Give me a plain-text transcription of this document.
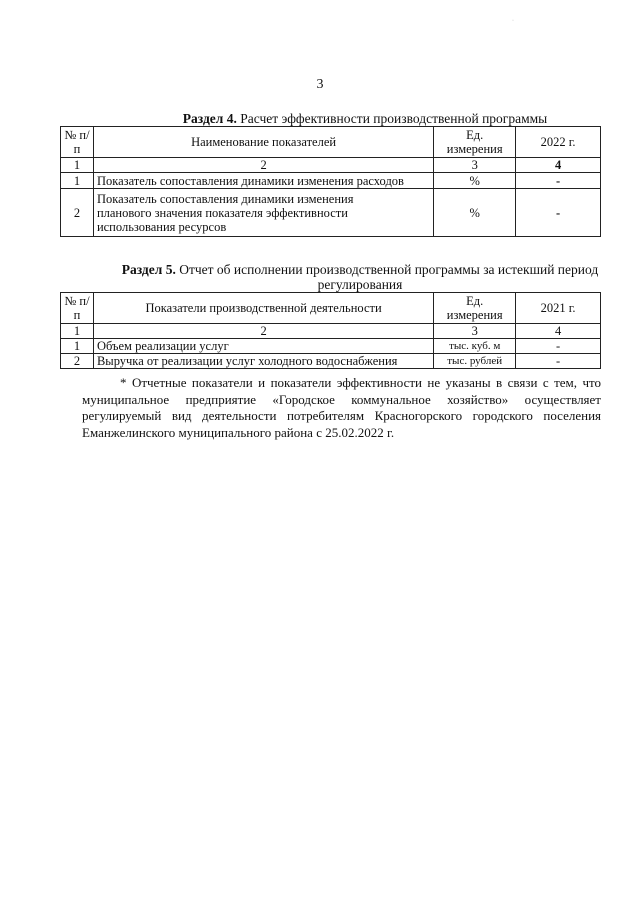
·
3
Раздел 4. Расчет эффективности производственной программы
№ п/п	Наименование показателей	Ед. измерения	2022 г.
1	2	3	4
1	Показатель сопоставления динамики изменения расходов	%	-
2	Показатель сопоставления динамики изменения планового значения показателя эффективности использования ресурсов	%	-
Раздел 5. Отчет об исполнении производственной программы за истекший период регулирования
№ п/п	Показатели производственной деятельности	Ед. измерения	2021 г.
1	2	3	4
1	Объем реализации услуг	тыс. куб. м	-
2	Выручка от реализации услуг холодного водоснабжения	тыс. рублей	-

* Отчетные показатели и показатели эффективности не указаны в связи с тем, что муниципальное предприятие «Городское коммунальное хозяйство» осуществляет регулируемый вид деятельности потребителям Красногорского городского поселения Еманжелинского муниципального района с 25.02.2022 г.
